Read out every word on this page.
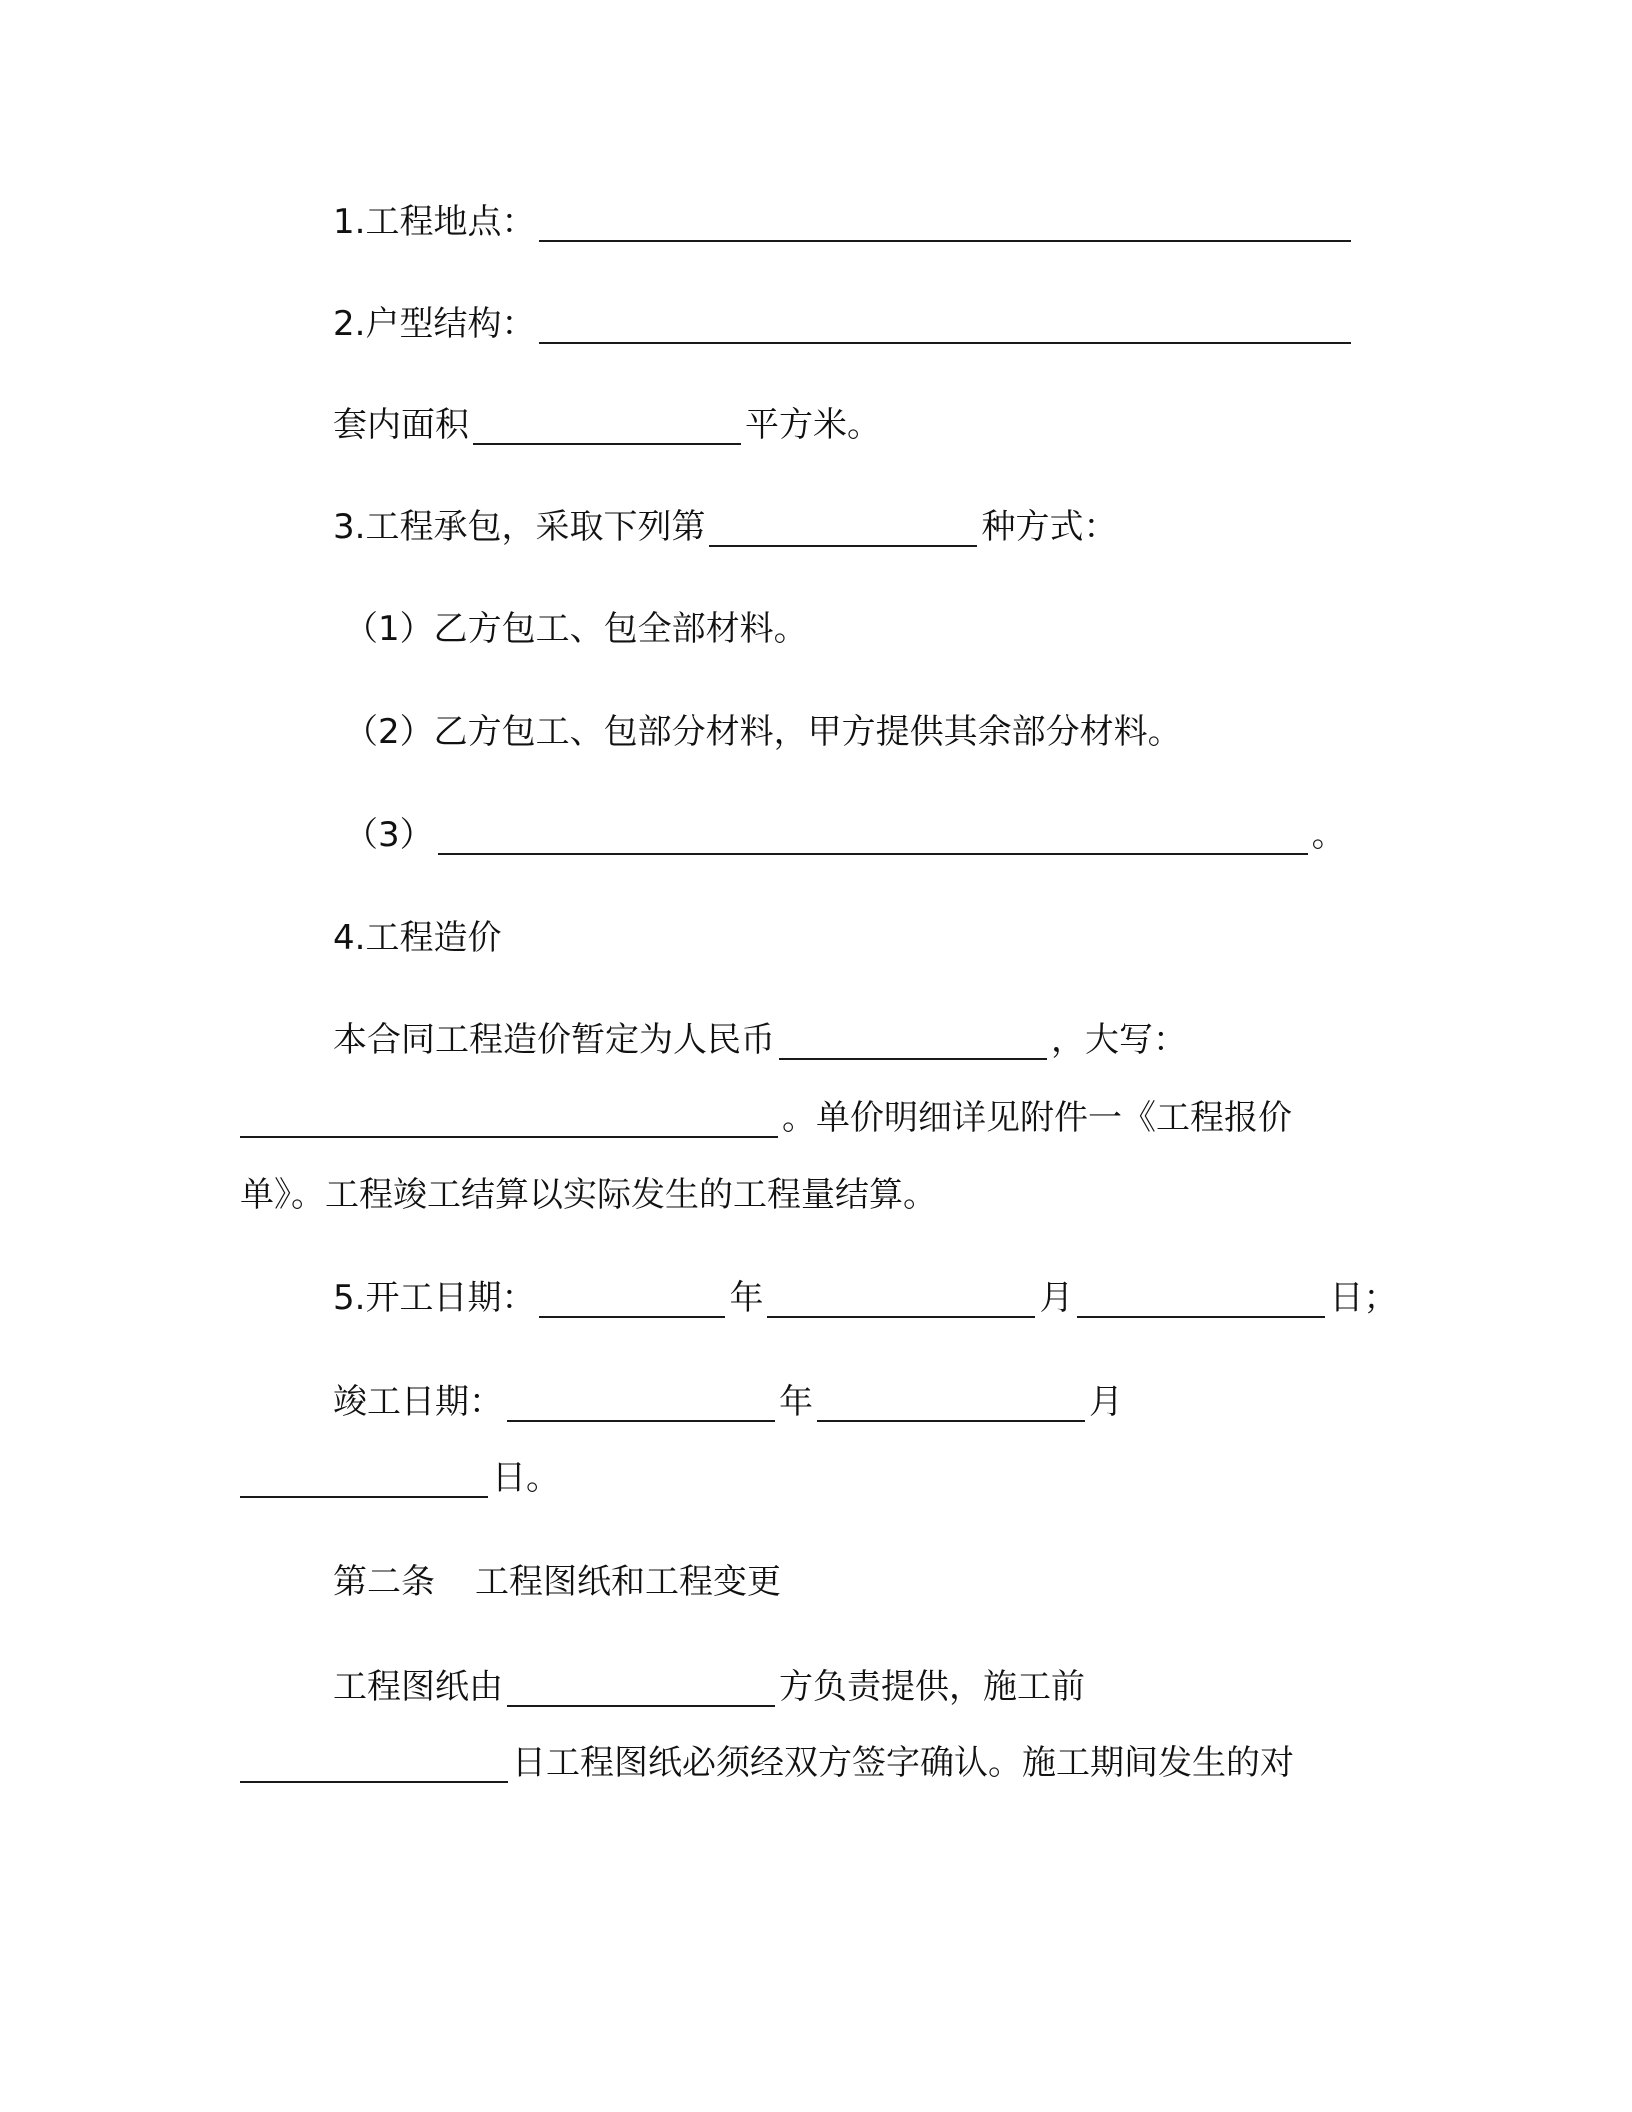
1.工程地点：
2.户型结构：
套内面积	平方米。
3.工程承包，采取下列第	种方式：
（1）乙方包工、包全部材料。
（2）乙方包工、包部分材料，甲方提供其余部分材料。
（3）	。
4.工程造价
本合同工程造价暂定为人民币	，大写：
。单价明细详见附件一《工程报价
单》。工程竣工结算以实际发生的工程量结算。
5.开工日期：	年	月	日；
竣工日期：	年	月
日。
第二条 工程图纸和工程变更
工程图纸由	方负责提供，施工前
日工程图纸必须经双方签字确认。施工期间发生的对
